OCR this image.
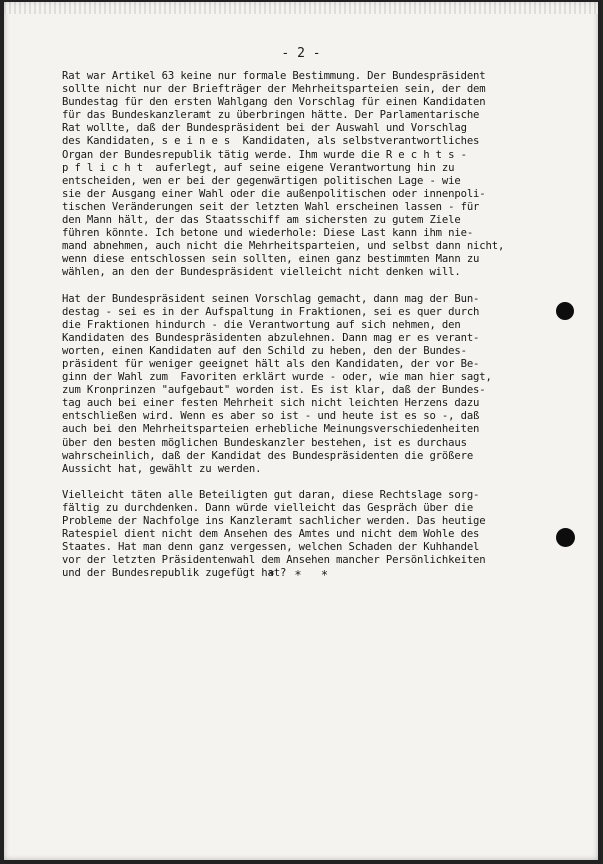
- 2 -
Rat war Artikel 63 keine nur formale Bestimmung. Der Bundespräsident
sollte nicht nur der Briefträger der Mehrheitsparteien sein, der dem
Bundestag für den ersten Wahlgang den Vorschlag für einen Kandidaten
für das Bundeskanzleramt zu überbringen hätte. Der Parlamentarische
Rat wollte, daß der Bundespräsident bei der Auswahl und Vorschlag
des Kandidaten, s e i n e s  Kandidaten, als selbstverantwortliches
Organ der Bundesrepublik tätig werde. Ihm wurde die R e c h t s -
p f l i c h t  auferlegt, auf seine eigene Verantwortung hin zu
entscheiden, wen er bei der gegenwärtigen politischen Lage - wie
sie der Ausgang einer Wahl oder die außenpolitischen oder innenpoli-
tischen Veränderungen seit der letzten Wahl erscheinen lassen - für
den Mann hält, der das Staatsschiff am sichersten zu gutem Ziele
führen könnte. Ich betone und wiederhole: Diese Last kann ihm nie-
mand abnehmen, auch nicht die Mehrheitsparteien, und selbst dann nicht,
wenn diese entschlossen sein sollten, einen ganz bestimmten Mann zu
wählen, an den der Bundespräsident vielleicht nicht denken will.
Hat der Bundespräsident seinen Vorschlag gemacht, dann mag der Bun-
destag - sei es in der Aufspaltung in Fraktionen, sei es quer durch
die Fraktionen hindurch - die Verantwortung auf sich nehmen, den
Kandidaten des Bundespräsidenten abzulehnen. Dann mag er es verant-
worten, einen Kandidaten auf den Schild zu heben, den der Bundes-
präsident für weniger geeignet hält als den Kandidaten, der vor Be-
ginn der Wahl zum  Favoriten erklärt wurde - oder, wie man hier sagt,
zum Kronprinzen "aufgebaut" worden ist. Es ist klar, daß der Bundes-
tag auch bei einer festen Mehrheit sich nicht leichten Herzens dazu
entschließen wird. Wenn es aber so ist - und heute ist es so -, daß
auch bei den Mehrheitsparteien erhebliche Meinungsverschiedenheiten
über den besten möglichen Bundeskanzler bestehen, ist es durchaus
wahrscheinlich, daß der Kandidat des Bundespräsidenten die größere
Aussicht hat, gewählt zu werden.
Vielleicht täten alle Beteiligten gut daran, diese Rechtslage sorg-
fältig zu durchdenken. Dann würde vielleicht das Gespräch über die
Probleme der Nachfolge ins Kanzleramt sachlicher werden. Das heutige
Ratespiel dient nicht dem Ansehen des Amtes und nicht dem Wohle des
Staates. Hat man denn ganz vergessen, welchen Schaden der Kuhhandel
vor der letzten Präsidentenwahl dem Ansehen mancher Persönlichkeiten
und der Bundesrepublik zugefügt hat?
* * *
